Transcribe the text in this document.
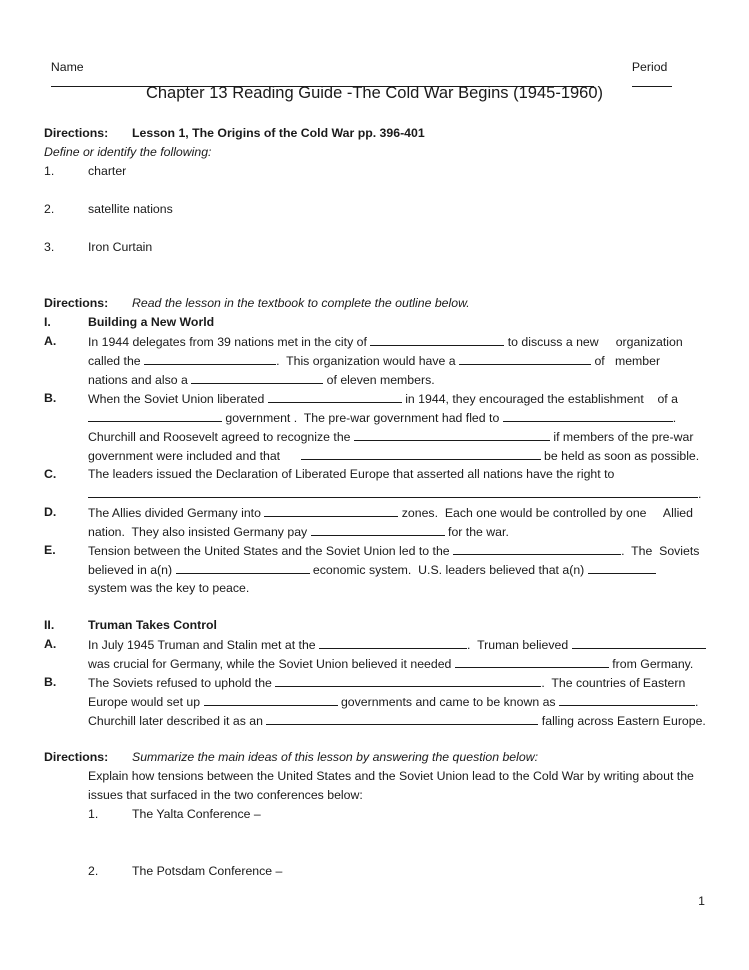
Name
	Period

Chapter 13 Reading Guide -The Cold War Begins (1945-1960)
Directions: Lesson 1, The Origins of the Cold War pp. 396-401
Define or identify the following:
1.	charter
2.	satellite nations
3.	Iron Curtain
Directions: Read the lesson in the textbook to complete the outline below.
I.	Building a New World
A.	In 1944 delegates from 39 nations met in the city of	to discuss a new     organization
called the	.  This organization would have a	of   member
nations and also a	of eleven members.
B.	When the Soviet Union liberated	in 1944, they encouraged the establishment    of a
government .  The pre-war government had fled to	.
Churchill and Roosevelt agreed to recognize the	if members of the pre-war
government were included and that	be held as soon as possible.
C.	The leaders issued the Declaration of Liberated Europe that asserted all nations have the right to
.
D.	The Allies divided Germany into	zones.  Each one would be controlled by one     Allied
nation.  They also insisted Germany pay	for the war.
E.	Tension between the United States and the Soviet Union led to the	.  The  Soviets
believed in a(n)	economic system.  U.S. leaders believed that a(n)
system was the key to peace.
II.	Truman Takes Control
A.	In July 1945 Truman and Stalin met at the	.  Truman believed
was crucial for Germany, while the Soviet Union believed it needed	from Germany.
B.	The Soviets refused to uphold the	.  The countries of Eastern
Europe would set up	governments and came to be known as	.
Churchill later described it as an	falling across Eastern Europe.
Directions: Summarize the main ideas of this lesson by answering the question below:
Explain how tensions between the United States and the Soviet Union lead to the Cold War by writing about the
issues that surfaced in the two conferences below:
1.	The Yalta Conference –
2.	The Potsdam Conference –
1
